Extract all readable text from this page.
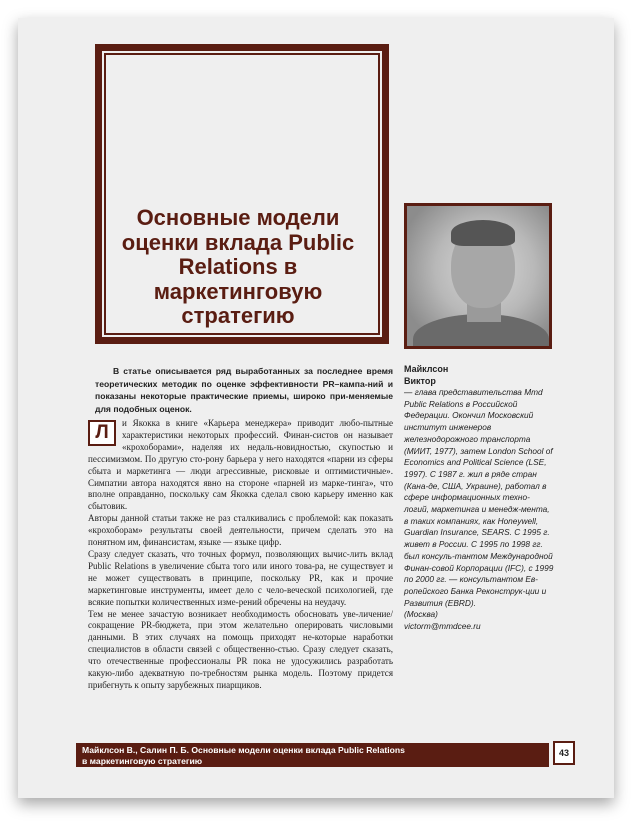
Основные модели оценки вклада Public Relations в маркетинговую стратегию
В статье описывается ряд выработанных за последнее время теоретических методик по оценке эффективности PR–кампа-ний и показаны некоторые практические приемы, широко при-меняемые для подобных оценок.
Л	и Якокка в книге «Карьера менеджера» приводит любо-пытные характеристики некоторых профессий. Финан-систов он называет «крохоборами», наделяя их недаль-новидностью, скупостью и пессимизмом. По другую сто-рону барьера у него находятся «парни из сферы сбыта и маркетинга — люди агрессивные, рисковые и оптимистичные». Симпатии автора находятся явно на стороне «парней из марке-тинга», что вполне оправданно, поскольку сам Якокка сделал свою карьеру именно как сбытовик.

Авторы данной статьи также не раз сталкивались с проблемой: как показать «крохоборам» результаты своей деятельности, причем сделать это на понятном им, финансистам, языке — языке цифр.

Сразу следует сказать, что точных формул, позволяющих вычис-лить вклад Public Relations в увеличение сбыта того или иного това-ра, не существует и не может существовать в принципе, поскольку PR, как и прочие маркетинговые инструменты, имеет дело с чело-веческой психологией, где всякие попытки количественных изме-рений обречены на неудачу.

Тем не менее зачастую возникает необходимость обосновать уве-личение/сокращение PR-бюджета, при этом желательно оперировать числовыми данными. В этих случаях на помощь приходят не-которые наработки специалистов в области связей с общественно-стью. Сразу следует сказать, что отечественные профессионалы PR пока не удосужились разработать какую-либо адекватную по-требностям рынка модель. Поэтому придется прибегнуть к опыту зарубежных пиарщиков.

Майклсон
Виктор
— глава представительства Mmd Public Relations в Российской Федерации. Окончил Московский институт инженеров железнодорожного транспорта (МИИТ, 1977), затем London School of Economics and Political Science (LSE, 1997). С 1987 г. жил в ряде стран (Кана-де, США, Украине), работал в сфере информационных техно-логий, маркетинга и менедж-мента, в таких компаниях, как Honeywell, Guardian Insurance, SEARS. С 1995 г. живет в России. С 1995 по 1998 гг. был консуль-тантом Международной Финан-совой Корпорации (IFC), с 1999 по 2000 гг. — консультантом Ев-ропейского Банка Реконструк-ции и Развития (EBRD).
(Москва)
victorm@mmdcee.ru
Майклсон В., Салин П. Б. Основные модели оценки вклада Public Relations
в маркетинговую стратегию
43
